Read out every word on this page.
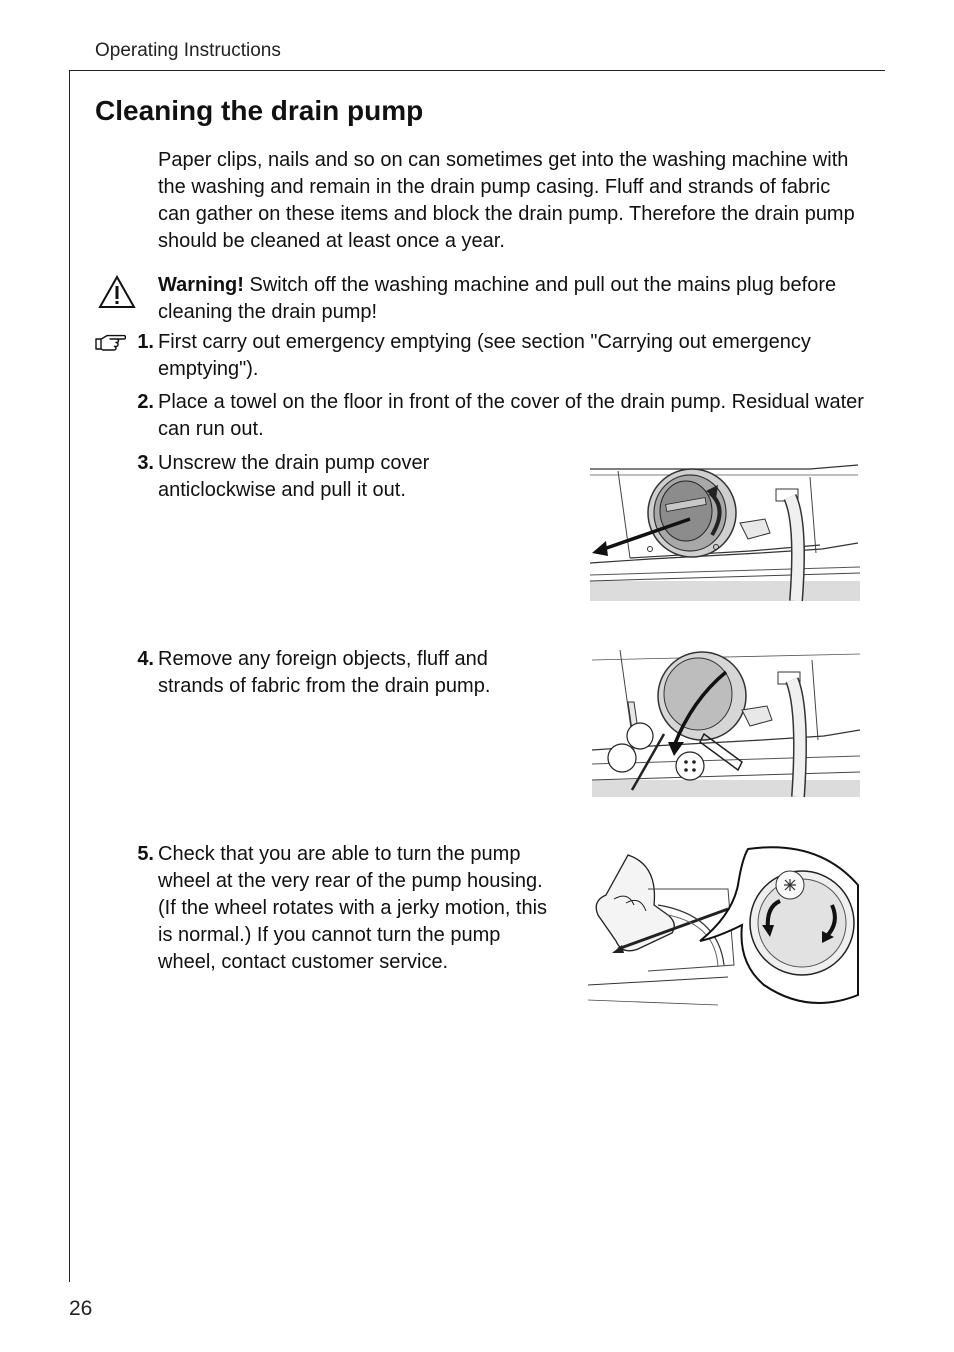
Operating Instructions
Cleaning the drain pump

Paper clips, nails and so on can sometimes get into the washing machine with the washing and remain in the drain pump casing. Fluff and strands of fabric can gather on these items and block the drain pump. Therefore the drain pump should be cleaned at least once a year.

Warning! Switch off the washing machine and pull out the mains plug before cleaning the drain pump!

1. First carry out emergency emptying (see section "Carrying out emergency emptying").

2. Place a towel on the floor in front of the cover of the drain pump. Residual water can run out.

3. Unscrew the drain pump cover anticlockwise and pull it out.

4. Remove any foreign objects, fluff and strands of fabric from the drain pump.

5. Check that you are able to turn the pump wheel at the very rear of the pump housing. (If the wheel rotates with a jerky motion, this is normal.) If you cannot turn the pump wheel, contact customer service.

26
